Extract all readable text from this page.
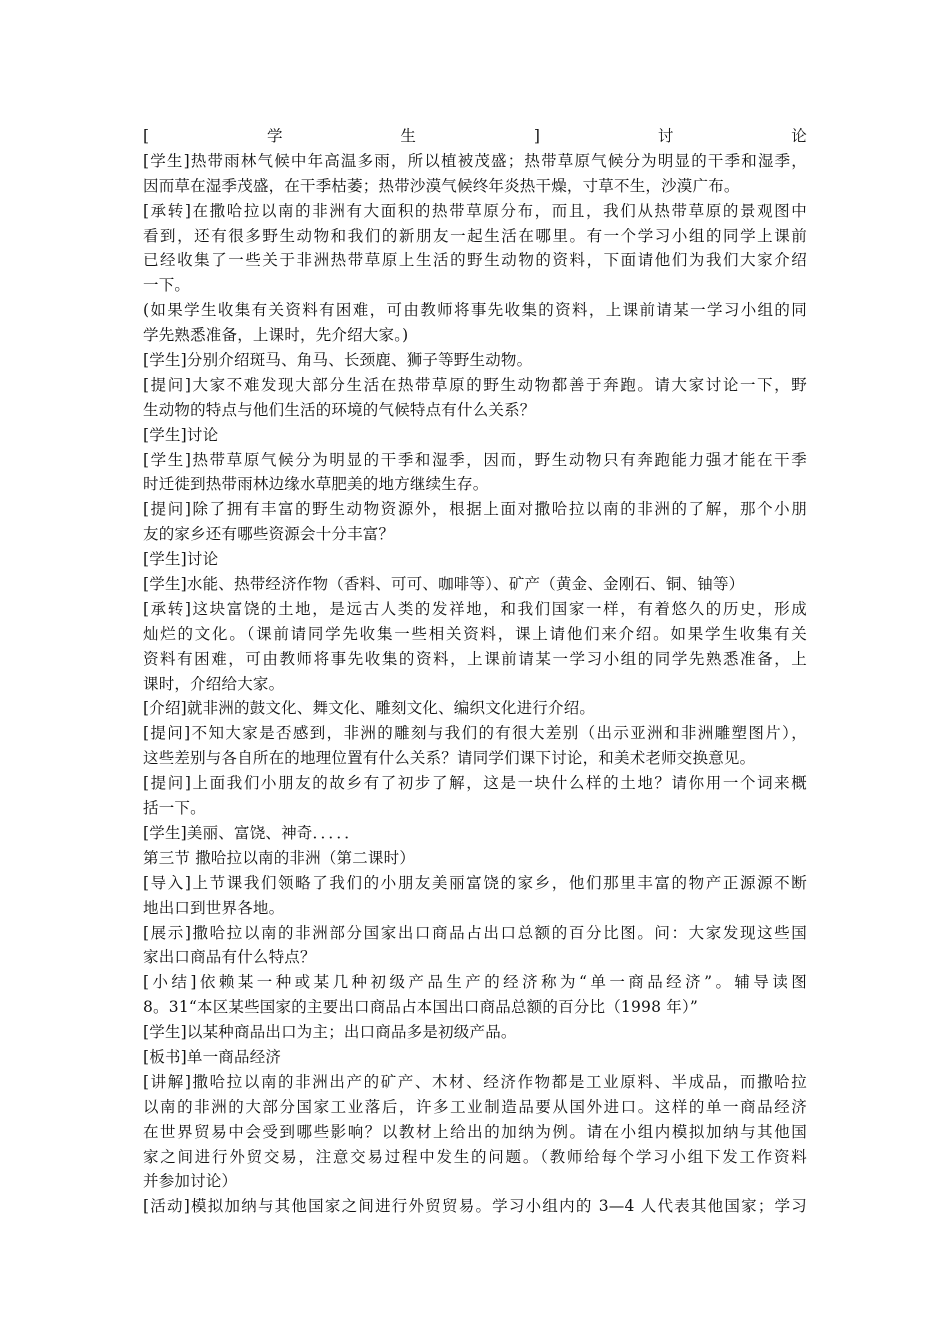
[学生]讨论
[学生]热带雨林气候中年高温多雨，所以植被茂盛；热带草原气候分为明显的干季和湿季，
因而草在湿季茂盛，在干季枯萎；热带沙漠气候终年炎热干燥，寸草不生，沙漠广布。
[承转]在撒哈拉以南的非洲有大面积的热带草原分布，而且，我们从热带草原的景观图中
看到，还有很多野生动物和我们的新朋友一起生活在哪里。有一个学习小组的同学上课前
已经收集了一些关于非洲热带草原上生活的野生动物的资料，下面请他们为我们大家介绍
一下。
(如果学生收集有关资料有困难，可由教师将事先收集的资料，上课前请某一学习小组的同
学先熟悉准备，上课时，先介绍大家。)
[学生]分别介绍斑马、角马、长颈鹿、狮子等野生动物。
[提问]大家不难发现大部分生活在热带草原的野生动物都善于奔跑。请大家讨论一下，野
生动物的特点与他们生活的环境的气候特点有什么关系？
[学生]讨论
[学生]热带草原气候分为明显的干季和湿季，因而，野生动物只有奔跑能力强才能在干季
时迁徙到热带雨林边缘水草肥美的地方继续生存。
[提问]除了拥有丰富的野生动物资源外，根据上面对撒哈拉以南的非洲的了解，那个小朋
友的家乡还有哪些资源会十分丰富？
[学生]讨论
[学生]水能、热带经济作物（香料、可可、咖啡等）、矿产（黄金、金刚石、铜、铀等）
[承转]这块富饶的土地，是远古人类的发祥地，和我们国家一样，有着悠久的历史，形成
灿烂的文化。（课前请同学先收集一些相关资料，课上请他们来介绍。如果学生收集有关
资料有困难，可由教师将事先收集的资料，上课前请某一学习小组的同学先熟悉准备，上
课时，介绍给大家。
[介绍]就非洲的鼓文化、舞文化、雕刻文化、编织文化进行介绍。
[提问]不知大家是否感到，非洲的雕刻与我们的有很大差别（出示亚洲和非洲雕塑图片），
这些差别与各自所在的地理位置有什么关系？请同学们课下讨论，和美术老师交换意见。
[提问]上面我们小朋友的故乡有了初步了解，这是一块什么样的土地？请你用一个词来概
括一下。
[学生]美丽、富饶、神奇．．．．．
第三节 撒哈拉以南的非洲（第二课时）
[导入]上节课我们领略了我们的小朋友美丽富饶的家乡，他们那里丰富的物产正源源不断
地出口到世界各地。
[展示]撒哈拉以南的非洲部分国家出口商品占出口总额的百分比图。问：大家发现这些国
家出口商品有什么特点？
[小结]依赖某一种或某几种初级产品生产的经济称为“单一商品经济”。辅导读图
8。31“本区某些国家的主要出口商品占本国出口商品总额的百分比（1998 年）”
[学生]以某种商品出口为主；出口商品多是初级产品。
[板书]单一商品经济
[讲解]撒哈拉以南的非洲出产的矿产、木材、经济作物都是工业原料、半成品，而撒哈拉
以南的非洲的大部分国家工业落后，许多工业制造品要从国外进口。这样的单一商品经济
在世界贸易中会受到哪些影响？以教材上给出的加纳为例。请在小组内模拟加纳与其他国
家之间进行外贸交易，注意交易过程中发生的问题。（教师给每个学习小组下发工作资料
并参加讨论）
[活动]模拟加纳与其他国家之间进行外贸贸易。学习小组内的 3—4 人代表其他国家；学习
